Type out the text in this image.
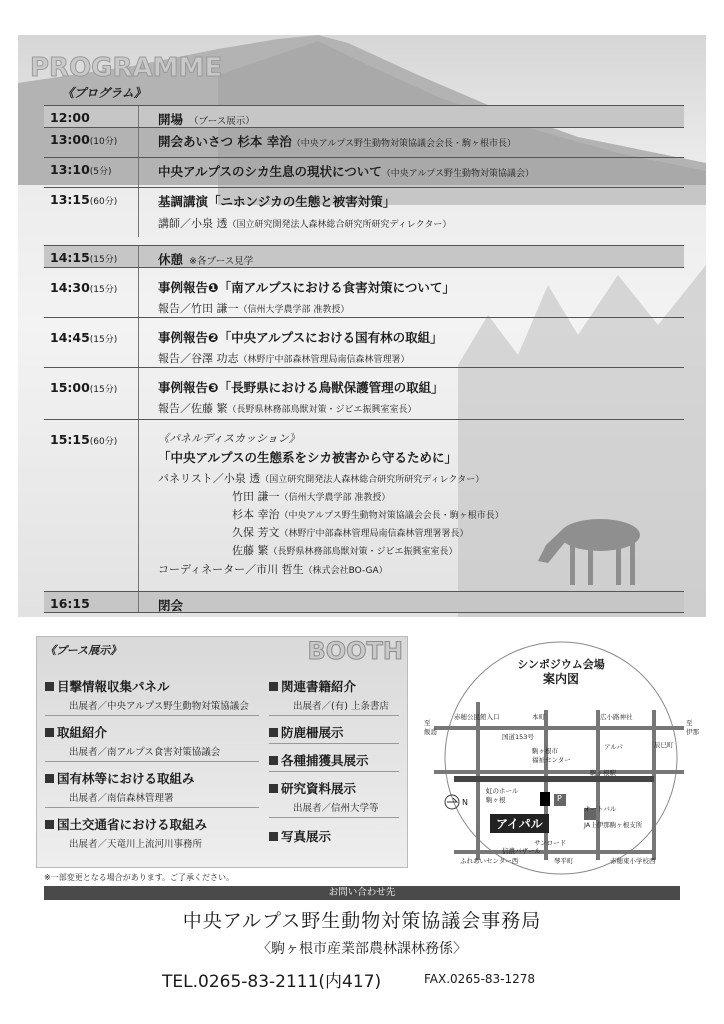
PROGRAMME
《プログラム》
12:00	開場 （ブース展示）
13:00(10分)	開会あいさつ 杉本 幸治（中央アルプス野生動物対策協議会会長・駒ヶ根市長）
13:10(5分)	中央アルプスのシカ生息の現状について（中央アルプス野生動物対策協議会）
13:15(60分)	基調講演「ニホンジカの生態と被害対策」
講師／小泉 透（国立研究開発法人森林総合研究所研究ディレクター）
14:15(15分)	休憩 ※各ブース見学
14:30(15分)	事例報告❶「南アルプスにおける食害対策について」
報告／竹田 謙一（信州大学農学部 准教授）
14:45(15分)	事例報告❷「中央アルプスにおける国有林の取組」
報告／谷澤 功志（林野庁中部森林管理局南信森林管理署）
15:00(15分)	事例報告❸「長野県における鳥獣保護管理の取組」
報告／佐藤 繁（長野県林務部鳥獣対策・ジビエ振興室室長）
15:15(60分)	《パネルディスカッション》
「中央アルプスの生態系をシカ被害から守るために」
パネリスト／小泉 透（国立研究開発法人森林総合研究所研究ディレクター）
竹田 謙一（信州大学農学部 准教授）
杉本 幸治（中央アルプス野生動物対策協議会会長・駒ヶ根市長）
久保 芳文（林野庁中部森林管理局南信森林管理署署長）
佐藤 繁（長野県林務部鳥獣対策・ジビエ振興室室長）
コーディネーター／市川 哲生（株式会社BO-GA）
16:15	閉会
《ブース展示》	BOOTH
目撃情報収集パネル
出展者／中央アルプス野生動物対策協議会
取組紹介
出展者／南アルプス食害対策協議会
国有林等における取組み
出展者／南信森林管理署
国土交通省における取組み
出展者／天竜川上流河川事務所
関連書籍紹介
出展者／(有) 上条書店
防鹿柵展示
各種捕獲具展示
研究資料展示
出展者／信州大学等
写真展示
※一部変更となる場合があります。ご了承ください。
シンポジウム会場
案内図
赤穂公民館入口	本町	広小路神社
国道153号
駒ヶ根市
福祉センター
アルパ	辰巳町
駒ヶ根駅
虹のホール
駒ヶ根
オートバル
JA上伊那駒ヶ根支所
サンロード
信濃バザール
ふれあいセンター西	琴平町	赤穂東小学校西
至
飯島
至
伊那
N	P
アイパル
お問い合わせ先
中央アルプス野生動物対策協議会事務局
〈駒ヶ根市産業部農林課林務係〉
TEL.0265-83-2111(内417)	FAX.0265-83-1278
